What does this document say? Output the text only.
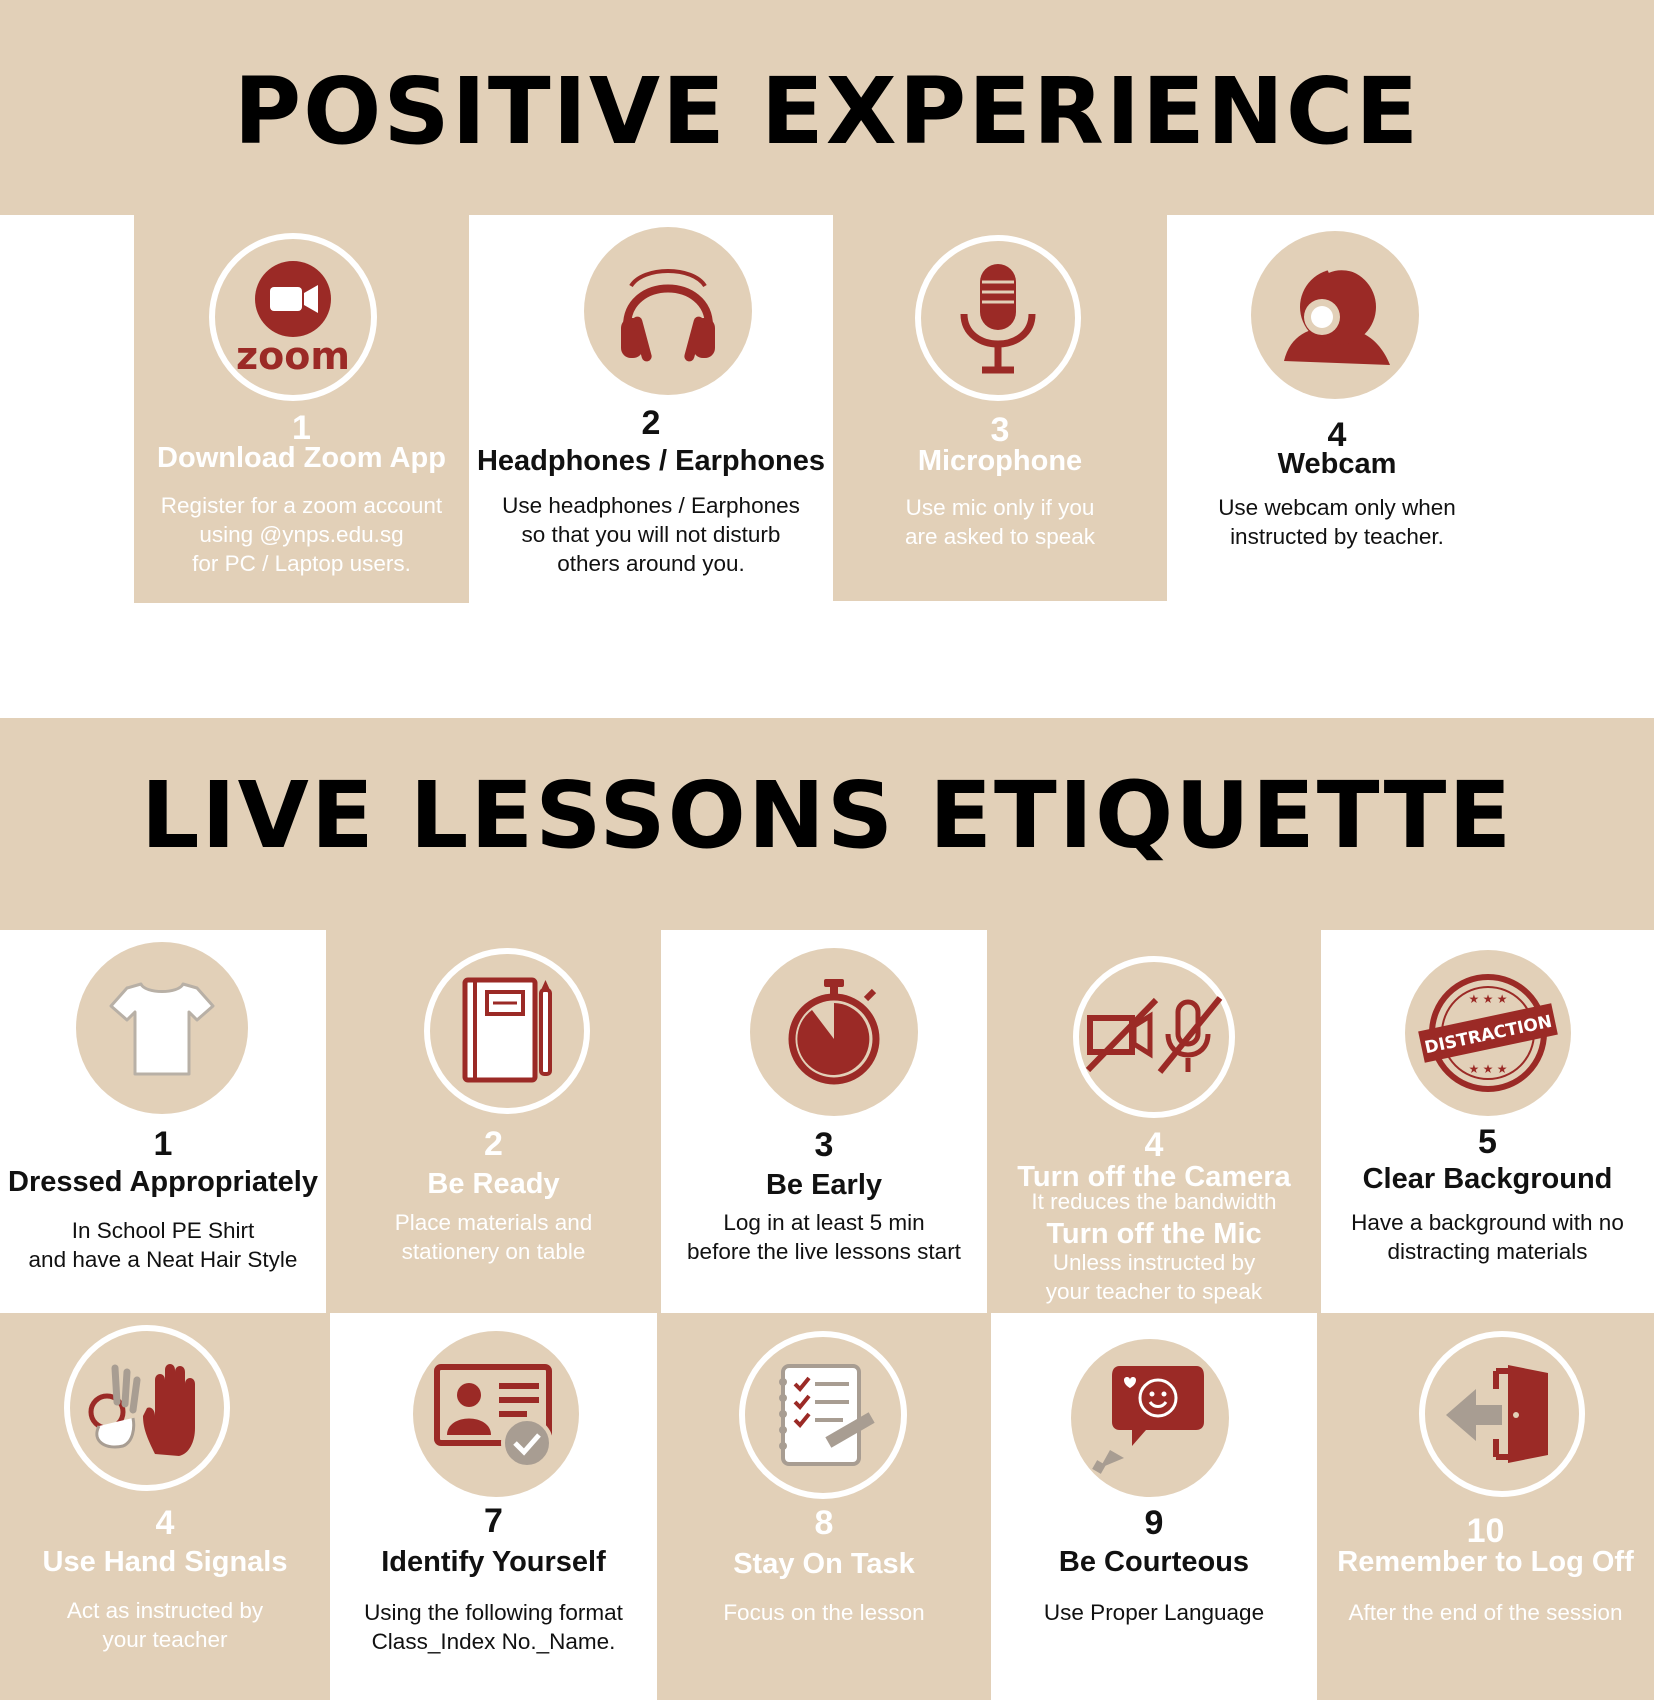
POSITIVE EXPERIENCE
zoom
1
Download Zoom App
Register for a zoom account
using @ynps.edu.sg
for PC / Laptop users.
2
Headphones / Earphones
Use headphones / Earphones
so that you will not disturb
others around you.
3
Microphone
Use mic only if you
are asked to speak
4
Webcam
Use webcam only when
instructed by teacher.
LIVE LESSONS ETIQUETTE
1
Dressed Appropriately
In School PE Shirt
and have a Neat Hair Style
2
Be Ready
Place materials and
stationery on table
3
Be Early
Log in at least 5 min
before the live lessons start
4
Turn off the Camera
It reduces the bandwidth
Turn off the Mic
Unless instructed by
your teacher to speak
DISTRACTION
★ ★ ★
★ ★ ★
5
Clear Background
Have a background with no
distracting materials
4
Use Hand Signals
Act as instructed by
your teacher
7
Identify Yourself
Using the following format
Class_Index No._Name.
8
Stay On Task
Focus on the lesson
9
Be Courteous
Use Proper Language
10
Remember to Log Off
After the end of the session
